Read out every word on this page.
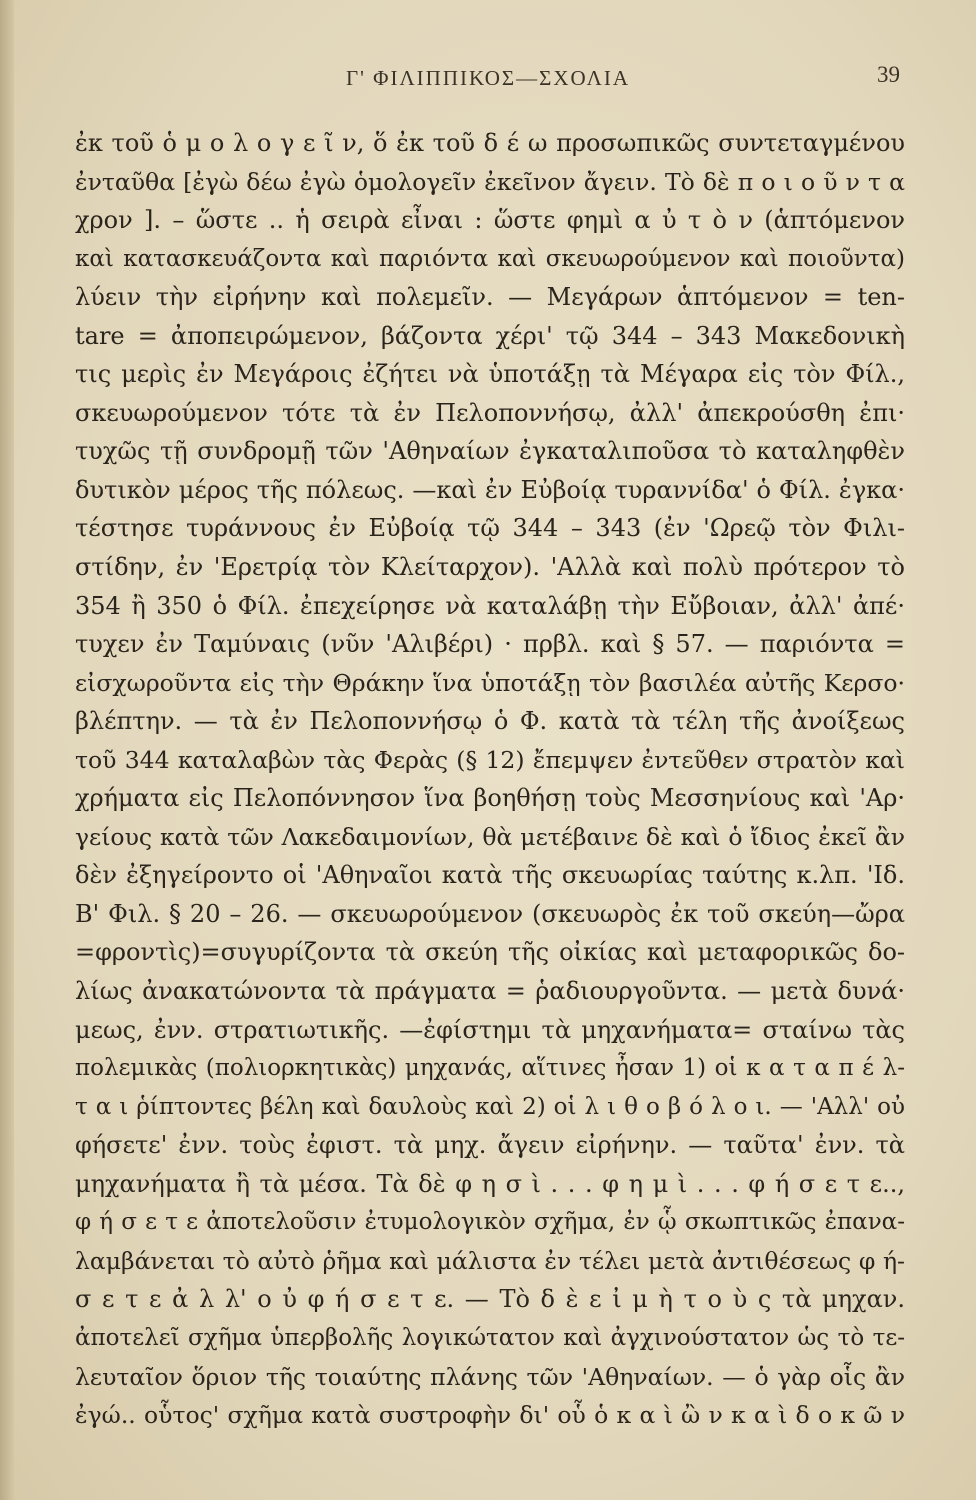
Γ' ΦΙΛΙΠΠΙΚΟΣ—ΣΧΟΛΙΑ	39
ἐκ τοῦ ὁ μ ο λ ο γ ε ῖ ν, ὅ ἐκ τοῦ δ έ ω προσωπικῶς συντεταγμένου
ἐνταῦθα [ἐγὼ δέω ἐγὼ ὁμολογεῖν ἐκεῖνον ἄγειν. Τὸ δὲ π ο ι ο ῦ ν τ α
χρον ]. – ὥστε .. ἡ σειρὰ εἶναι : ὥστε φημὶ α ὐ τ ὸ ν (ἁπτόμενον
καὶ κατασκευάζοντα καὶ παριόντα καὶ σκευωρούμενον καὶ ποιοῦντα)
λύειν τὴν εἰρήνην καὶ πολεμεῖν. — Μεγάρων ἁπτόμενον = ten-
tare = ἀποπειρώμενον, βάζοντα χέρι' τῷ 344 – 343 Μακεδονικὴ
τις μερὶς ἐν Μεγάροις ἐζήτει νὰ ὑποτάξῃ τὰ Μέγαρα εἰς τὸν Φίλ.,
σκευωρούμενον τότε τὰ ἐν Πελοποννήσῳ, ἀλλ' ἀπεκρούσθη ἐπι·
τυχῶς τῇ συνδρομῇ τῶν 'Αθηναίων ἐγκαταλιποῦσα τὸ καταληφθὲν
δυτικὸν μέρος τῆς πόλεως. —καὶ ἐν Εὐβοίᾳ τυραννίδα' ὁ Φίλ. ἐγκα·
τέστησε τυράννους ἐν Εὐβοίᾳ τῷ 344 – 343 (ἐν 'Ωρεῷ τὸν Φιλι-
στίδην, ἐν 'Ερετρίᾳ τὸν Κλείταρχον). 'Αλλὰ καὶ πολὺ πρότερον τὸ
354 ἢ 350 ὁ Φίλ. ἐπεχείρησε νὰ καταλάβῃ τὴν Εὔβοιαν, ἀλλ' ἀπέ·
τυχεν ἐν Ταμύναις (νῦν 'Αλιβέρι) · πρβλ. καὶ § 57. — παριόντα =
εἰσχωροῦντα εἰς τὴν Θράκην ἵνα ὑποτάξῃ τὸν βασιλέα αὐτῆς Κερσο·
βλέπτην. — τὰ ἐν Πελοποννήσῳ ὁ Φ. κατὰ τὰ τέλη τῆς ἀνοίξεως
τοῦ 344 καταλαβὼν τὰς Φερὰς (§ 12) ἔπεμψεν ἐντεῦθεν στρατὸν καὶ
χρήματα εἰς Πελοπόννησον ἵνα βοηθήσῃ τοὺς Μεσσηνίους καὶ 'Αρ·
γείους κατὰ τῶν Λακεδαιμονίων, θὰ μετέβαινε δὲ καὶ ὁ ἴδιος ἐκεῖ ἂν
δὲν ἐξηγείροντο οἱ 'Αθηναῖοι κατὰ τῆς σκευωρίας ταύτης κ.λπ. 'Ιδ.
Β' Φιλ. § 20 – 26. — σκευωρούμενον (σκευωρὸς ἐκ τοῦ σκεύη—ὤρα
=φροντὶς)=συγυρίζοντα τὰ σκεύη τῆς οἰκίας καὶ μεταφορικῶς δο-
λίως ἀνακατώνοντα τὰ πράγματα = ῥαδιουργοῦντα. — μετὰ δυνά·
μεως, ἐνν. στρατιωτικῆς. —ἐφίστημι τὰ μηχανήματα= σταίνω τὰς
πολεμικὰς (πολιορκητικὰς) μηχανάς, αἵτινες ἦσαν 1) οἱ κ α τ α π έ λ-
τ α ι ῥίπτοντες βέλη καὶ δαυλοὺς καὶ 2) οἱ λ ι θ ο β ό λ ο ι. — 'Αλλ' οὐ
φήσετε' ἐνν. τοὺς ἐφιστ. τὰ μηχ. ἄγειν εἰρήνην. — ταῦτα' ἐνν. τὰ
μηχανήματα ἢ τὰ μέσα. Τὰ δὲ φ η σ ὶ . . . φ η μ ὶ . . . φ ή σ ε τ ε..,
φ ή σ ε τ ε ἀποτελοῦσιν ἐτυμολογικὸν σχῆμα, ἐν ᾧ σκωπτικῶς ἐπανα-
λαμβάνεται τὸ αὐτὸ ῥῆμα καὶ μάλιστα ἐν τέλει μετὰ ἀντιθέσεως φ ή-
σ ε τ ε ἀ λ λ' ο ὐ φ ή σ ε τ ε. — Τὸ δ ὲ ε ἰ μ ὴ τ ο ὺ ς τὰ μηχαν.
ἀποτελεῖ σχῆμα ὑπερβολῆς λογικώτατον καὶ ἀγχινούστατον ὡς τὸ τε-
λευταῖον ὅριον τῆς τοιαύτης πλάνης τῶν 'Αθηναίων. — ὁ γὰρ οἷς ἂν
ἐγώ.. οὗτος' σχῆμα κατὰ συστροφὴν δι' οὗ ὁ κ α ὶ ὢ ν κ α ὶ δ ο κ ῶ ν
